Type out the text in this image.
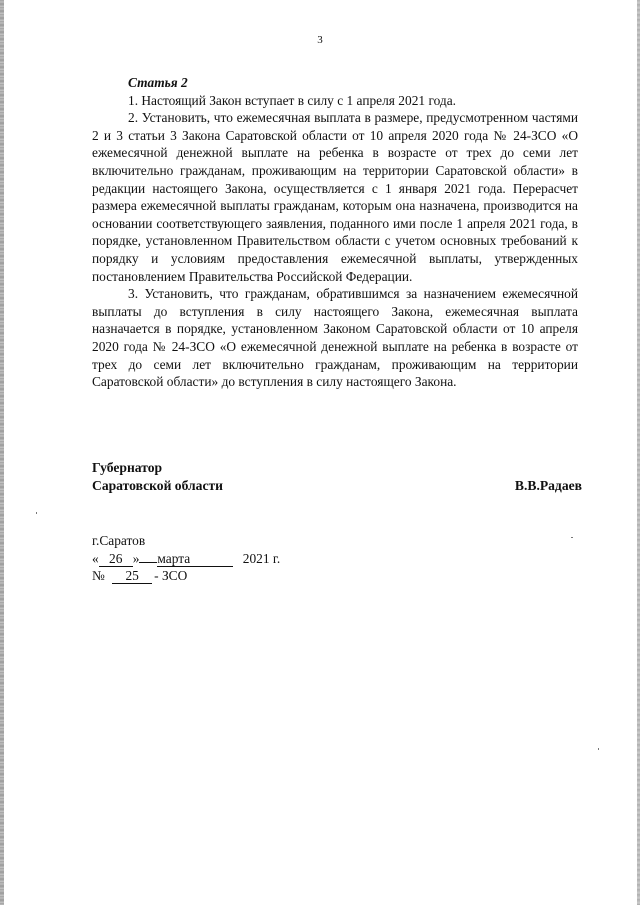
3

Статья 2

1. Настоящий Закон вступает в силу с 1 апреля 2021 года.

2. Установить, что ежемесячная выплата в размере, предусмотренном частями 2 и 3 статьи 3 Закона Саратовской области от 10 апреля 2020 года № 24-ЗСО «О ежемесячной денежной выплате на ребенка в возрасте от трех до семи лет включительно гражданам, проживающим на территории Саратовской области» в редакции настоящего Закона, осуществляется с 1 января 2021 года. Перерасчет размера ежемесячной выплаты гражданам, которым она назначена, производится на основании соответствующего заявления, поданного ими после 1 апреля 2021 года, в порядке, установленном Правительством области с учетом основных требований к порядку и условиям предоставления ежемесячной выплаты, утвержденных постановлением Правительства Российской Федерации.

3. Установить, что гражданам, обратившимся за назначением ежемесячной выплаты до вступления в силу настоящего Закона, ежемесячная выплата назначается в порядке, установленном Законом Саратовской области от 10 апреля 2020 года № 24-ЗСО «О ежемесячной денежной выплате на ребенка в возрасте от трех до семи лет включительно гражданам, проживающим на территории Саратовской области» до вступления в силу настоящего Закона.

Губернатор
Саратовской области	В.В.Радаев
г.Саратов
« 26 » марта	2021 г.
№ 25 - ЗСО
